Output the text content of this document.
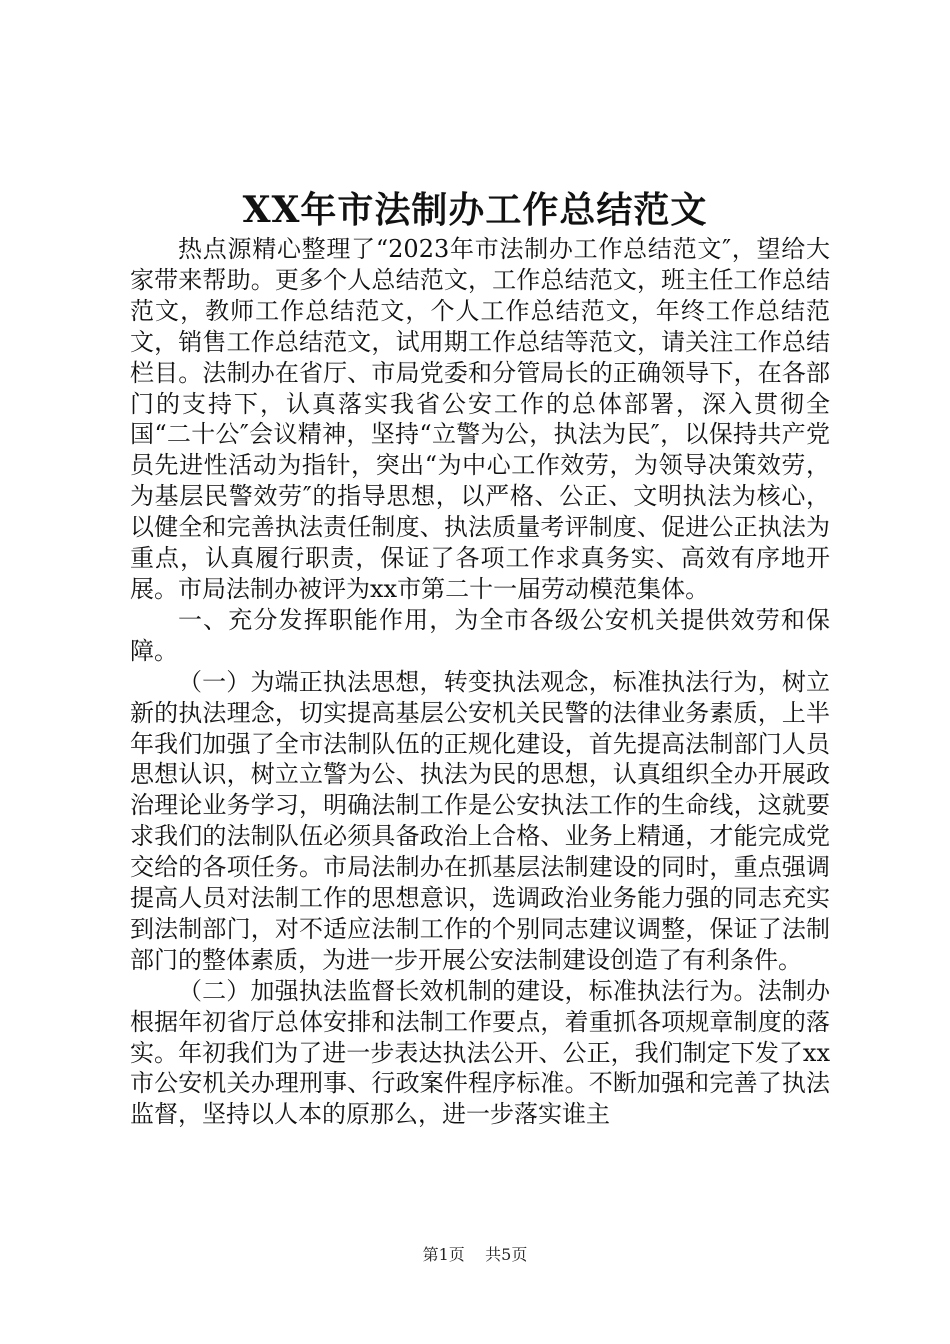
XX年市法制办工作总结范文

热点源精心整理了“2023年市法制办工作总结范文″，望给大家带来帮助。更多个人总结范文，工作总结范文，班主任工作总结范文，教师工作总结范文，个人工作总结范文，年终工作总结范文，销售工作总结范文，试用期工作总结等范文，请关注工作总结栏目。法制办在省厅、市局党委和分管局长的正确领导下，在各部门的支持下，认真落实我省公安工作的总体部署，深入贯彻全国“二十公″会议精神，坚持“立警为公，执法为民″，以保持共产党员先进性活动为指针，突出“为中心工作效劳，为领导决策效劳，为基层民警效劳″的指导思想，以严格、公正、文明执法为核心，以健全和完善执法责任制度、执法质量考评制度、促进公正执法为重点，认真履行职责，保证了各项工作求真务实、高效有序地开展。市局法制办被评为xx市第二十一届劳动模范集体。

一、充分发挥职能作用，为全市各级公安机关提供效劳和保障。

（一）为端正执法思想，转变执法观念，标准执法行为，树立新的执法理念，切实提高基层公安机关民警的法律业务素质，上半年我们加强了全市法制队伍的正规化建设，首先提高法制部门人员思想认识，树立立警为公、执法为民的思想，认真组织全办开展政治理论业务学习，明确法制工作是公安执法工作的生命线，这就要求我们的法制队伍必须具备政治上合格、业务上精通，才能完成党交给的各项任务。市局法制办在抓基层法制建设的同时，重点强调提高人员对法制工作的思想意识，选调政治业务能力强的同志充实到法制部门，对不适应法制工作的个别同志建议调整，保证了法制部门的整体素质，为进一步开展公安法制建设创造了有利条件。

（二）加强执法监督长效机制的建设，标准执法行为。法制办根据年初省厅总体安排和法制工作要点，着重抓各项规章制度的落实。年初我们为了进一步表达执法公开、公正，我们制定下发了xx市公安机关办理刑事、行政案件程序标准。不断加强和完善了执法监督，坚持以人本的原那么，进一步落实谁主

第1页 共5页
